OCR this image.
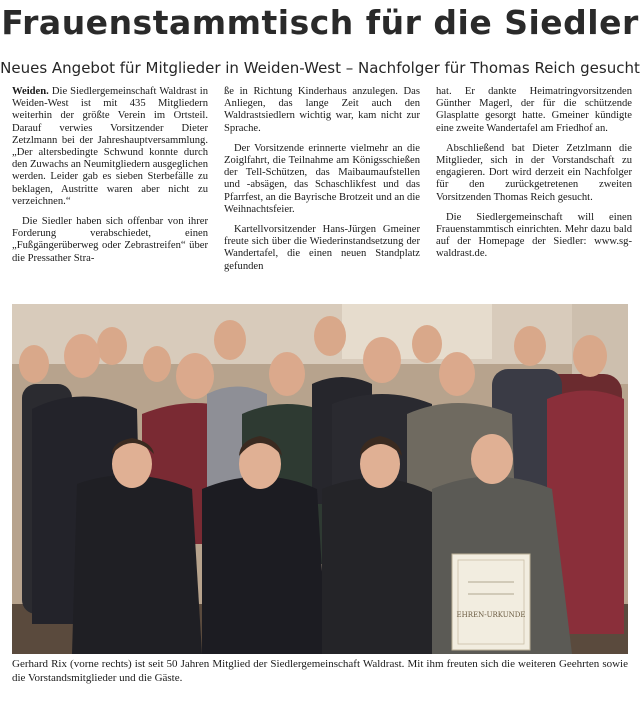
Frauenstammtisch für die Siedler
Neues Angebot für Mitglieder in Weiden-West – Nachfolger für Thomas Reich gesucht

Weiden. Die Siedlergemeinschaft Waldrast in Weiden-West ist mit 435 Mitgliedern weiterhin der größte Verein im Ortsteil. Darauf verwies Vorsitzender Dieter Zetzlmann bei der Jahreshauptversammlung. „Der altersbedingte Schwund konnte durch den Zuwachs an Neumitgliedern ausgeglichen werden. Leider gab es sieben Sterbefälle zu beklagen, Austritte waren aber nicht zu verzeichnen.“

Die Siedler haben sich offenbar von ihrer Forderung verabschiedet, einen „Fußgängerüberweg oder Zebrastreifen“ über die Pressather Stra-

ße in Richtung Kinderhaus anzulegen. Das Anliegen, das lange Zeit auch den Waldrastsiedlern wichtig war, kam nicht zur Sprache.

Der Vorsitzende erinnerte vielmehr an die Zoiglfahrt, die Teilnahme am Königsschießen der Tell-Schützen, das Maibaumaufstellen und -absägen, das Schaschlikfest und das Pfarrfest, an die Bayrische Brotzeit und an die Weihnachtsfeier.

Kartellvorsitzender Hans-Jürgen Gmeiner freute sich über die Wiederinstandsetzung der Wandertafel, die einen neuen Standplatz gefunden

hat. Er dankte Heimatringvorsitzenden Günther Magerl, der für die schützende Glasplatte gesorgt hatte. Gmeiner kündigte eine zweite Wandertafel am Friedhof an.

Abschließend bat Dieter Zetzlmann die Mitglieder, sich in der Vorstandschaft zu engagieren. Dort wird derzeit ein Nachfolger für den zurückgetretenen zweiten Vorsitzenden Thomas Reich gesucht.

Die Siedlergemeinschaft will einen Frauenstammtisch einrichten. Mehr dazu bald auf der Homepage der Siedler: www.sg-waldrast.de.

EHREN-URKUNDE
Gerhard Rix (vorne rechts) ist seit 50 Jahren Mitglied der Siedlergemeinschaft Waldrast. Mit ihm freuten sich die weiteren Geehrten sowie die Vorstandsmitglieder und die Gäste.
